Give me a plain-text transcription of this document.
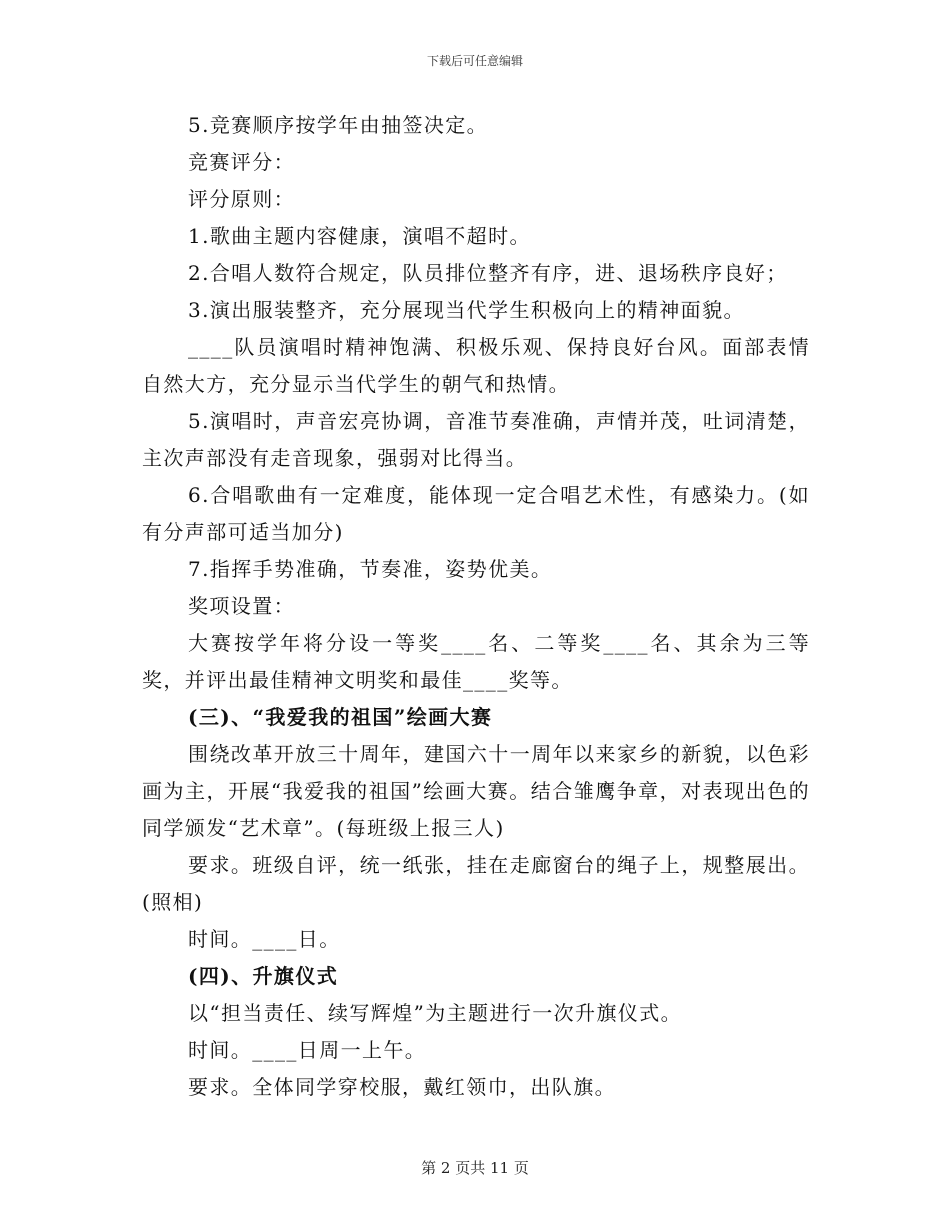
下载后可任意编辑

5.竞赛顺序按学年由抽签决定。

竞赛评分：

评分原则：

1.歌曲主题内容健康，演唱不超时。

2.合唱人数符合规定，队员排位整齐有序，进、退场秩序良好；

3.演出服装整齐，充分展现当代学生积极向上的精神面貌。

____队员演唱时精神饱满、积极乐观、保持良好台风。面部表情自然大方，充分显示当代学生的朝气和热情。

5.演唱时，声音宏亮协调，音准节奏准确，声情并茂，吐词清楚，主次声部没有走音现象，强弱对比得当。

6.合唱歌曲有一定难度，能体现一定合唱艺术性，有感染力。(如有分声部可适当加分)

7.指挥手势准确，节奏准，姿势优美。

奖项设置：

大赛按学年将分设一等奖____名、二等奖____名、其余为三等奖，并评出最佳精神文明奖和最佳____奖等。

(三)、“我爱我的祖国”绘画大赛

围绕改革开放三十周年，建国六十一周年以来家乡的新貌，以色彩画为主，开展“我爱我的祖国”绘画大赛。结合雏鹰争章，对表现出色的同学颁发“艺术章”。(每班级上报三人)

要求。班级自评，统一纸张，挂在走廊窗台的绳子上，规整展出。(照相)

时间。____日。

(四)、升旗仪式

以“担当责任、续写辉煌”为主题进行一次升旗仪式。

时间。____日周一上午。

要求。全体同学穿校服，戴红领巾，出队旗。

第 2 页共 11 页
